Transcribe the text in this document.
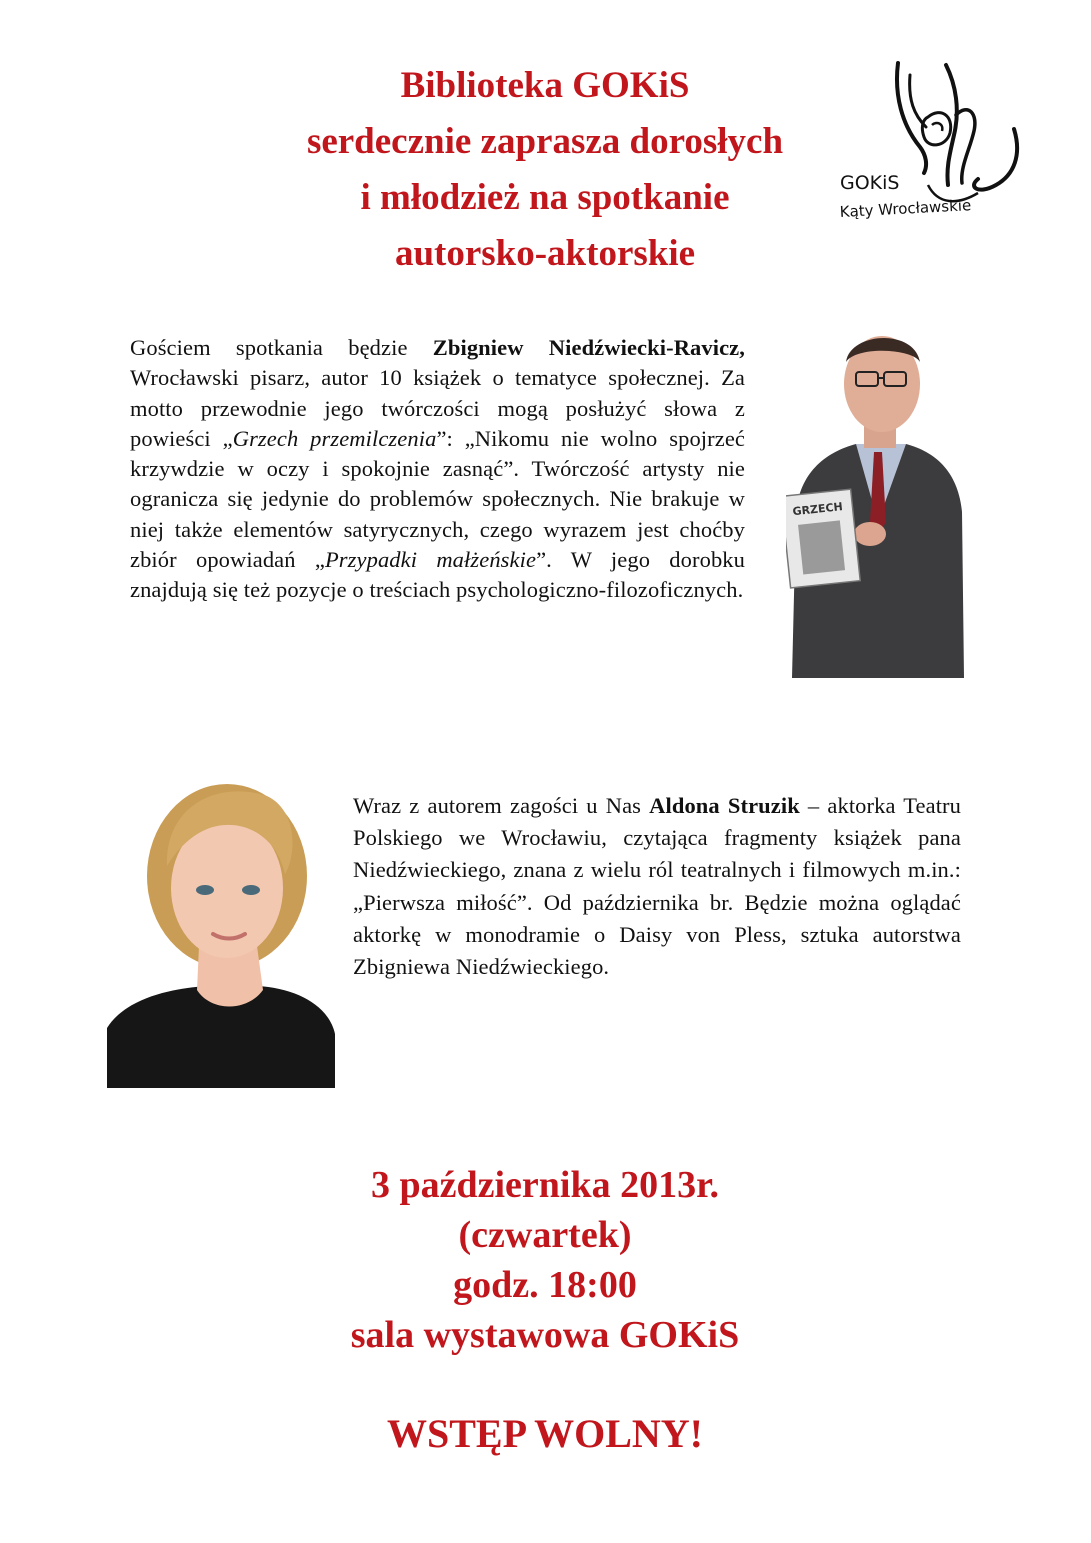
Biblioteka GOKiS
serdecznie zaprasza dorosłych
i młodzież na spotkanie
autorsko-aktorskie
GOKiS
Kąty Wrocławskie
Gościem spotkania będzie Zbigniew Niedźwiecki-Ravicz, Wrocławski pisarz, autor 10 książek o tematyce społecznej. Za motto przewodnie jego twórczości mogą posłużyć słowa z powieści „Grzech przemilczenia”: „Nikomu nie wolno spojrzeć krzywdzie w oczy i spokojnie zasnąć”. Twórczość artysty nie ogranicza się jedynie do problemów społecznych. Nie brakuje w niej także elementów satyrycznych, czego wyrazem jest choćby zbiór opowiadań „Przypadki małżeńskie”. W jego dorobku znajdują się też pozycje o treściach psychologiczno-filozoficznych.
GRZECH
Wraz z autorem zagości u Nas Aldona Struzik – aktorka Teatru Polskiego we Wrocławiu, czytająca fragmenty książek pana Niedźwieckiego, znana z wielu ról teatralnych i filmowych m.in.: „Pierwsza miłość”. Od października br. Będzie można oglądać aktorkę w monodramie o Daisy von Pless, sztuka autorstwa Zbigniewa Niedźwieckiego.
3 października 2013r.
(czwartek)
godz. 18:00
sala wystawowa GOKiS
WSTĘP WOLNY!
